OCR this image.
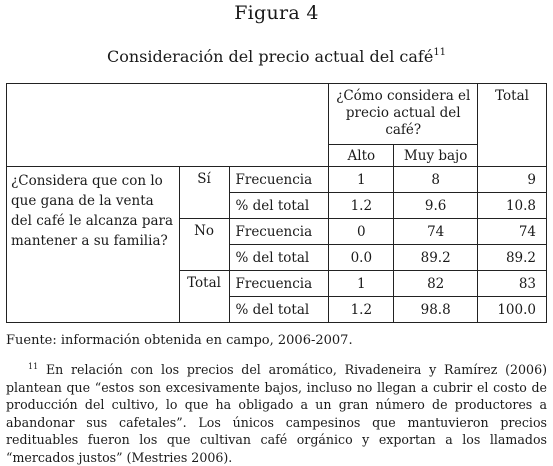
Figura 4
Consideración del precio actual del café$^{11}$
			¿Cómo considera el precio actual del café?		Total
			Alto	Muy bajo	
¿Considera que con lo que gana de la venta del café le alcanza para mantener a su familia?	Sí	Frecuencia	1	8	9
		% del total	1.2	9.6	10.8
	No	Frecuencia	0	74	74
		% del total	0.0	89.2	89.2
	Total	Frecuencia	1	82	83
		% del total	1.2	98.8	100.0
Fuente: información obtenida en campo, 2006-2007.
$^{11}$ En relación con los precios del aromático, Rivadeneira y Ramírez (2006) plantean que “estos son excesivamente bajos, incluso no llegan a cubrir el costo de producción del cultivo, lo que ha obligado a un gran número de productores a abandonar sus cafetales”. Los únicos campesinos que mantuvieron precios redituables fueron los que cultivan café orgánico y exportan a los llamados “mercados justos” (Mestries 2006).
